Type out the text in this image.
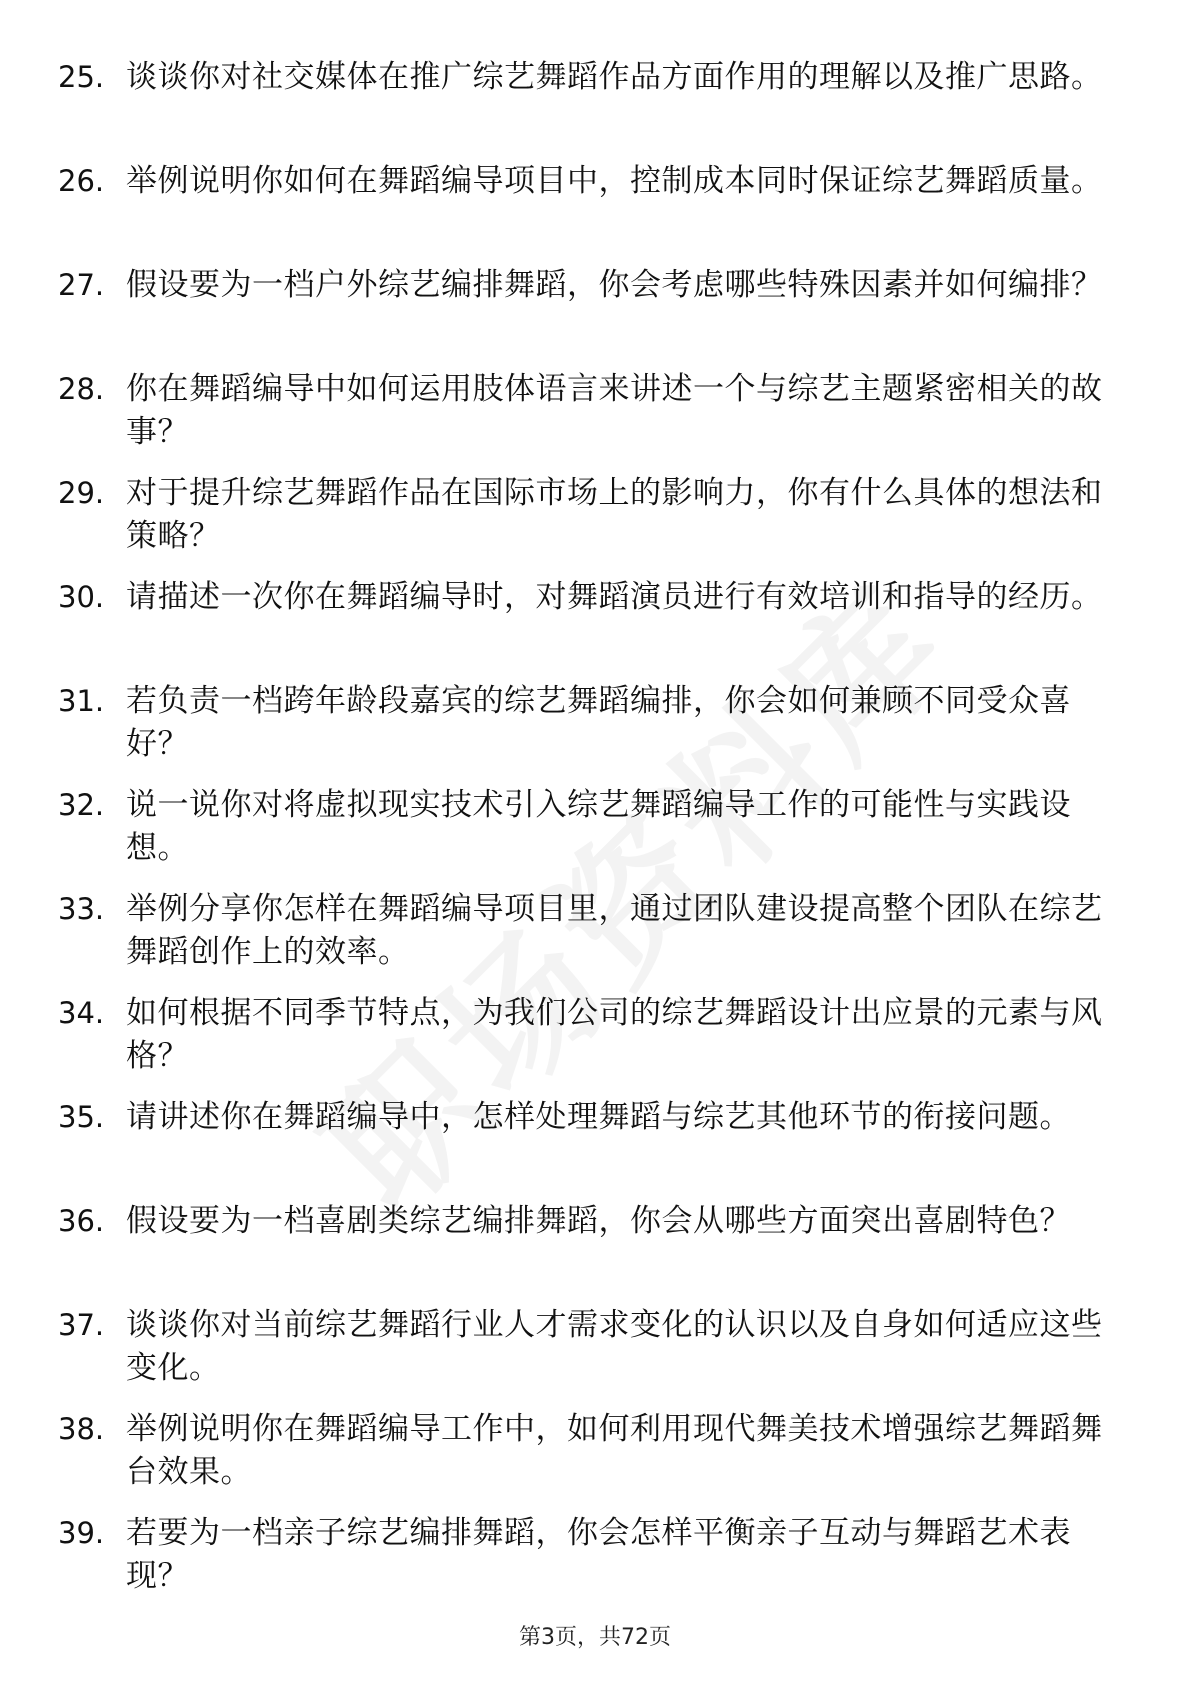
25. 谈谈你对社交媒体在推广综艺舞蹈作品方面作用的理解以及推广思路。
26. 举例说明你如何在舞蹈编导项目中，控制成本同时保证综艺舞蹈质量。
27. 假设要为一档户外综艺编排舞蹈，你会考虑哪些特殊因素并如何编排？
28. 你在舞蹈编导中如何运用肢体语言来讲述一个与综艺主题紧密相关的故事？
29. 对于提升综艺舞蹈作品在国际市场上的影响力，你有什么具体的想法和策略？
30. 请描述一次你在舞蹈编导时，对舞蹈演员进行有效培训和指导的经历。
31. 若负责一档跨年龄段嘉宾的综艺舞蹈编排，你会如何兼顾不同受众喜好？
32. 说一说你对将虚拟现实技术引入综艺舞蹈编导工作的可能性与实践设想。
33. 举例分享你怎样在舞蹈编导项目里，通过团队建设提高整个团队在综艺舞蹈创作上的效率。
34. 如何根据不同季节特点，为我们公司的综艺舞蹈设计出应景的元素与风格？
35. 请讲述你在舞蹈编导中，怎样处理舞蹈与综艺其他环节的衔接问题。
36. 假设要为一档喜剧类综艺编排舞蹈，你会从哪些方面突出喜剧特色？
37. 谈谈你对当前综艺舞蹈行业人才需求变化的认识以及自身如何适应这些变化。
38. 举例说明你在舞蹈编导工作中，如何利用现代舞美技术增强综艺舞蹈舞台效果。
39. 若要为一档亲子综艺编排舞蹈，你会怎样平衡亲子互动与舞蹈艺术表现？
第3页，共72页
